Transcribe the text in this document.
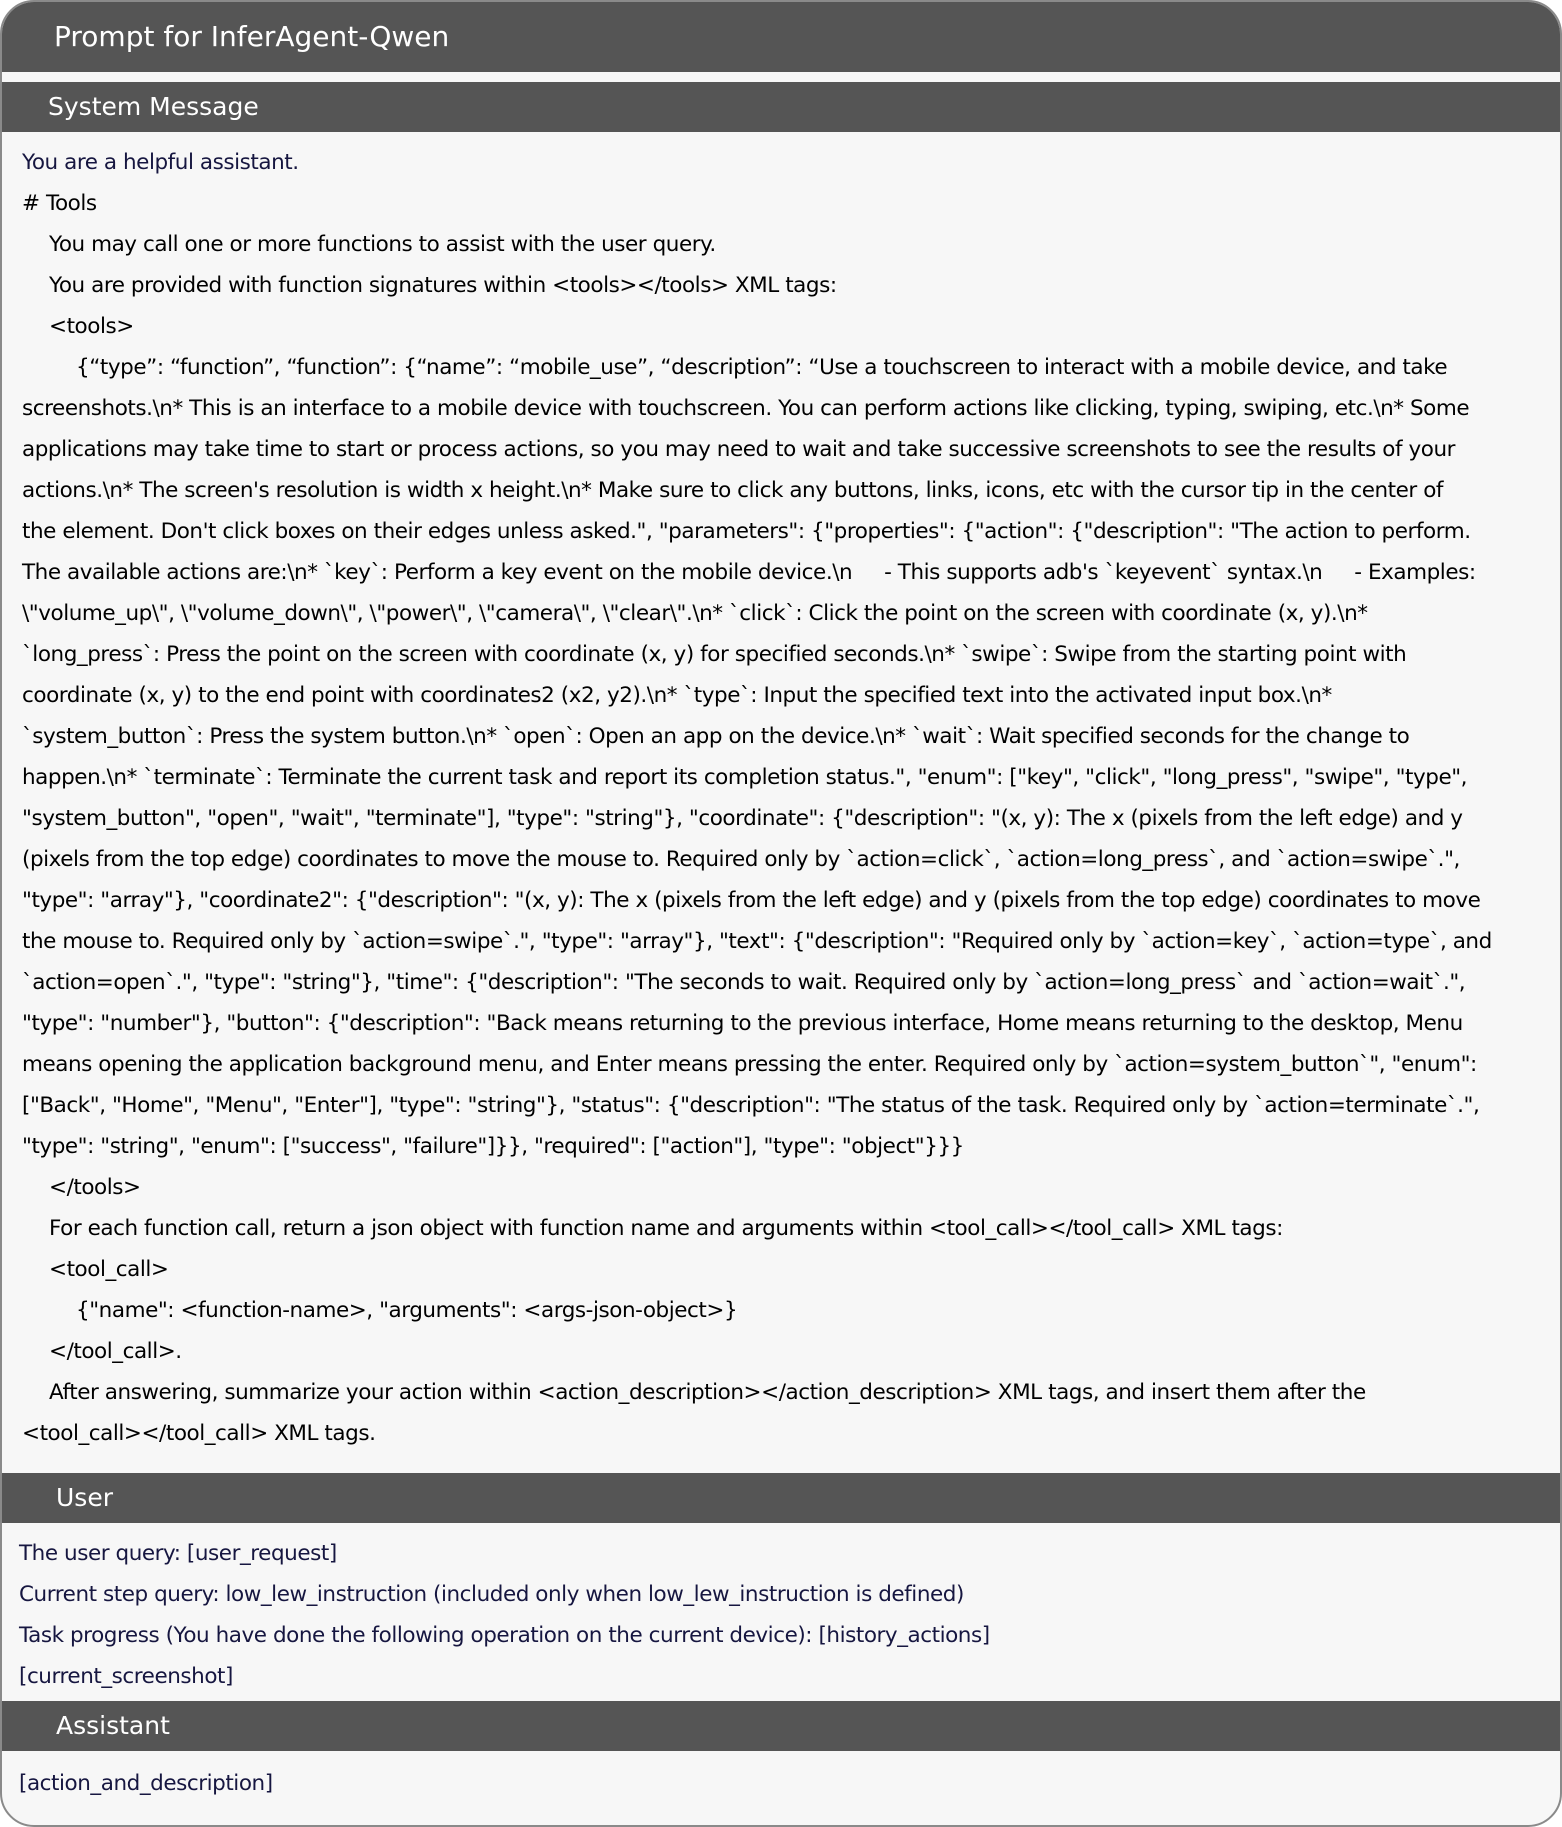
Prompt for InferAgent-Qwen
System Message
You are a helpful assistant.
# Tools
You may call one or more functions to assist with the user query.
You are provided with function signatures within <tools></tools> XML tags:
<tools>
{“type”: “function”, “function”: {“name”: “mobile_use”, “description”: “Use a touchscreen to interact with a mobile device, and take
screenshots.\n* This is an interface to a mobile device with touchscreen. You can perform actions like clicking, typing, swiping, etc.\n* Some
applications may take time to start or process actions, so you may need to wait and take successive screenshots to see the results of your
actions.\n* The screen's resolution is width x height.\n* Make sure to click any buttons, links, icons, etc with the cursor tip in the center of
the element. Don't click boxes on their edges unless asked.", "parameters": {"properties": {"action": {"description": "The action to perform.
The available actions are:\n* `key`: Perform a key event on the mobile device.\n     - This supports adb's `keyevent` syntax.\n     - Examples:
\"volume_up\", \"volume_down\", \"power\", \"camera\", \"clear\".\n* `click`: Click the point on the screen with coordinate (x, y).\n*
`long_press`: Press the point on the screen with coordinate (x, y) for specified seconds.\n* `swipe`: Swipe from the starting point with
coordinate (x, y) to the end point with coordinates2 (x2, y2).\n* `type`: Input the specified text into the activated input box.\n*
`system_button`: Press the system button.\n* `open`: Open an app on the device.\n* `wait`: Wait specified seconds for the change to
happen.\n* `terminate`: Terminate the current task and report its completion status.", "enum": ["key", "click", "long_press", "swipe", "type",
"system_button", "open", "wait", "terminate"], "type": "string"}, "coordinate": {"description": "(x, y): The x (pixels from the left edge) and y
(pixels from the top edge) coordinates to move the mouse to. Required only by `action=click`, `action=long_press`, and `action=swipe`.",
"type": "array"}, "coordinate2": {"description": "(x, y): The x (pixels from the left edge) and y (pixels from the top edge) coordinates to move
the mouse to. Required only by `action=swipe`.", "type": "array"}, "text": {"description": "Required only by `action=key`, `action=type`, and
`action=open`.", "type": "string"}, "time": {"description": "The seconds to wait. Required only by `action=long_press` and `action=wait`.",
"type": "number"}, "button": {"description": "Back means returning to the previous interface, Home means returning to the desktop, Menu
means opening the application background menu, and Enter means pressing the enter. Required only by `action=system_button`", "enum":
["Back", "Home", "Menu", "Enter"], "type": "string"}, "status": {"description": "The status of the task. Required only by `action=terminate`.",
"type": "string", "enum": ["success", "failure"]}}, "required": ["action"], "type": "object"}}}
</tools>
For each function call, return a json object with function name and arguments within <tool_call></tool_call> XML tags:
<tool_call>
{"name": <function-name>, "arguments": <args-json-object>}
</tool_call>.
After answering, summarize your action within <action_description></action_description> XML tags, and insert them after the
<tool_call></tool_call> XML tags.
User
The user query: [user_request]
Current step query: low_lew_instruction (included only when low_lew_instruction is defined)
Task progress (You have done the following operation on the current device): [history_actions]
[current_screenshot]
Assistant
[action_and_description]
